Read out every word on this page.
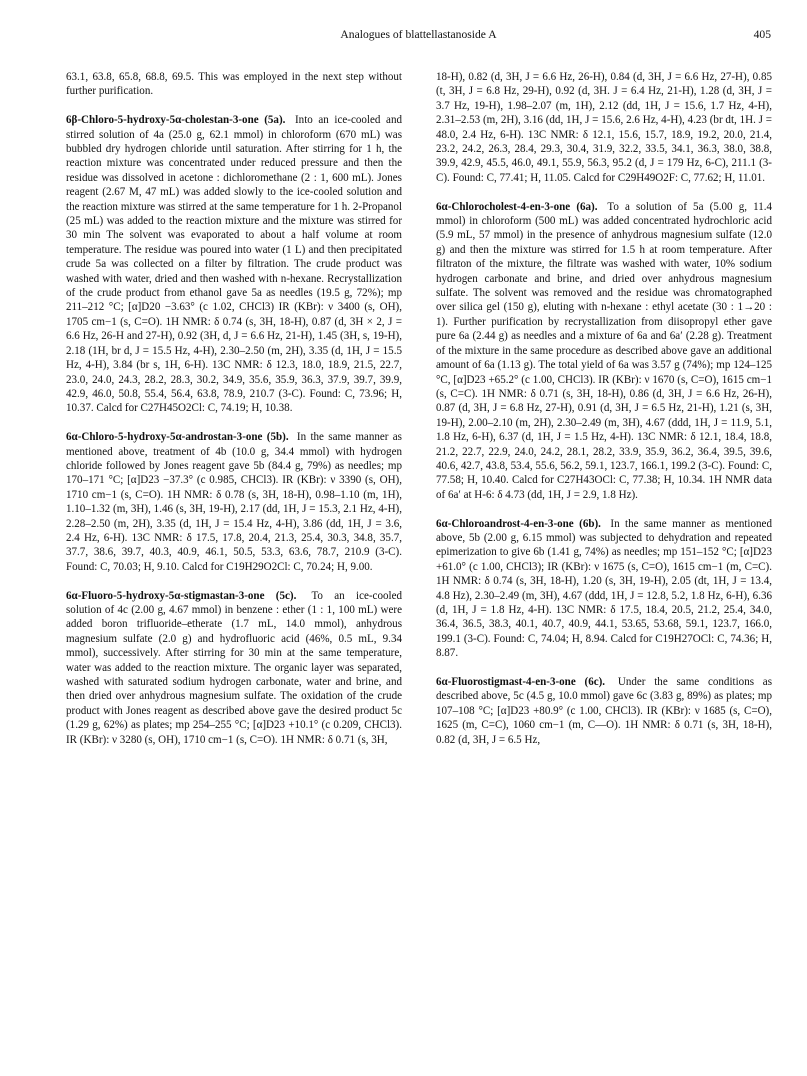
Analogues of blattellastanoside A	405

63.1, 63.8, 65.8, 68.8, 69.5. This was employed in the next step without further purification.

6β-Chloro-5-hydroxy-5α-cholestan-3-one (5a). Into an ice-cooled and stirred solution of 4a (25.0 g, 62.1 mmol) in chloroform (670 mL) was bubbled dry hydrogen chloride until saturation. After stirring for 1 h, the reaction mixture was concentrated under reduced pressure and then the residue was dissolved in acetone : dichloromethane (2 : 1, 600 mL). Jones reagent (2.67 M, 47 mL) was added slowly to the ice-cooled solution and the reaction mixture was stirred at the same temperature for 1 h. 2-Propanol (25 mL) was added to the reaction mixture and the mixture was stirred for 30 min The solvent was evaporated to about a half volume at room temperature. The residue was poured into water (1 L) and then precipitated crude 5a was collected on a filter by filtration. The crude product was washed with water, dried and then washed with n-hexane. Recrystallization of the crude product from ethanol gave 5a as needles (19.5 g, 72%); mp 211–212 °C; [α]D20 −3.63° (c 1.02, CHCl3) IR (KBr): ν 3400 (s, OH), 1705 cm−1 (s, C=O). 1H NMR: δ 0.74 (s, 3H, 18-H), 0.87 (d, 3H × 2, J = 6.6 Hz, 26-H and 27-H), 0.92 (3H, d, J = 6.6 Hz, 21-H), 1.45 (3H, s, 19-H), 2.18 (1H, br d, J = 15.5 Hz, 4-H), 2.30–2.50 (m, 2H), 3.35 (d, 1H, J = 15.5 Hz, 4-H), 3.84 (br s, 1H, 6-H). 13C NMR: δ 12.3, 18.0, 18.9, 21.5, 22.7, 23.0, 24.0, 24.3, 28.2, 28.3, 30.2, 34.9, 35.6, 35.9, 36.3, 37.9, 39.7, 39.9, 42.9, 46.0, 50.8, 55.4, 56.4, 63.8, 78.9, 210.7 (3-C). Found: C, 73.96; H, 10.37. Calcd for C27H45O2Cl: C, 74.19; H, 10.38.

6α-Chloro-5-hydroxy-5α-androstan-3-one (5b). In the same manner as mentioned above, treatment of 4b (10.0 g, 34.4 mmol) with hydrogen chloride followed by Jones reagent gave 5b (84.4 g, 79%) as needles; mp 170–171 °C; [α]D23 −37.3° (c 0.985, CHCl3). IR (KBr): ν 3390 (s, OH), 1710 cm−1 (s, C=O). 1H NMR: δ 0.78 (s, 3H, 18-H), 0.98–1.10 (m, 1H), 1.10–1.32 (m, 3H), 1.46 (s, 3H, 19-H), 2.17 (dd, 1H, J = 15.3, 2.1 Hz, 4-H), 2.28–2.50 (m, 2H), 3.35 (d, 1H, J = 15.4 Hz, 4-H), 3.86 (dd, 1H, J = 3.6, 2.4 Hz, 6-H). 13C NMR: δ 17.5, 17.8, 20.4, 21.3, 25.4, 30.3, 34.8, 35.7, 37.7, 38.6, 39.7, 40.3, 40.9, 46.1, 50.5, 53.3, 63.6, 78.7, 210.9 (3-C). Found: C, 70.03; H, 9.10. Calcd for C19H29O2Cl: C, 70.24; H, 9.00.

6α-Fluoro-5-hydroxy-5α-stigmastan-3-one (5c). To an ice-cooled solution of 4c (2.00 g, 4.67 mmol) in benzene : ether (1 : 1, 100 mL) were added boron trifluoride–etherate (1.7 mL, 14.0 mmol), anhydrous magnesium sulfate (2.0 g) and hydrofluoric acid (46%, 0.5 mL, 9.34 mmol), successively. After stirring for 30 min at the same temperature, water was added to the reaction mixture. The organic layer was separated, washed with saturated sodium hydrogen carbonate, water and brine, and then dried over anhydrous magnesium sulfate. The oxidation of the crude product with Jones reagent as described above gave the desired product 5c (1.29 g, 62%) as plates; mp 254–255 °C; [α]D23 +10.1° (c 0.209, CHCl3). IR (KBr): ν 3280 (s, OH), 1710 cm−1 (s, C=O). 1H NMR: δ 0.71 (s, 3H,

18-H), 0.82 (d, 3H, J = 6.6 Hz, 26-H), 0.84 (d, 3H, J = 6.6 Hz, 27-H), 0.85 (t, 3H, J = 6.8 Hz, 29-H), 0.92 (d, 3H. J = 6.4 Hz, 21-H), 1.28 (d, 3H, J = 3.7 Hz, 19-H), 1.98–2.07 (m, 1H), 2.12 (dd, 1H, J = 15.6, 1.7 Hz, 4-H), 2.31–2.53 (m, 2H), 3.16 (dd, 1H, J = 15.6, 2.6 Hz, 4-H), 4.23 (br dt, 1H. J = 48.0, 2.4 Hz, 6-H). 13C NMR: δ 12.1, 15.6, 15.7, 18.9, 19.2, 20.0, 21.4, 23.2, 24.2, 26.3, 28.4, 29.3, 30.4, 31.9, 32.2, 33.5, 34.1, 36.3, 38.0, 38.8, 39.9, 42.9, 45.5, 46.0, 49.1, 55.9, 56.3, 95.2 (d, J = 179 Hz, 6-C), 211.1 (3-C). Found: C, 77.41; H, 11.05. Calcd for C29H49O2F: C, 77.62; H, 11.01.

6α-Chlorocholest-4-en-3-one (6a). To a solution of 5a (5.00 g, 11.4 mmol) in chloroform (500 mL) was added concentrated hydrochloric acid (5.9 mL, 57 mmol) in the presence of anhydrous magnesium sulfate (12.0 g) and then the mixture was stirred for 1.5 h at room temperature. After filtraton of the mixture, the filtrate was washed with water, 10% sodium hydrogen carbonate and brine, and dried over anhydrous magnesium sulfate. The solvent was removed and the residue was chromatographed over silica gel (150 g), eluting with n-hexane : ethyl acetate (30 : 1→20 : 1). Further purification by recrystallization from diisopropyl ether gave pure 6a (2.44 g) as needles and a mixture of 6a and 6a′ (2.28 g). Treatment of the mixture in the same procedure as described above gave an additional amount of 6a (1.13 g). The total yield of 6a was 3.57 g (74%); mp 124–125 °C, [α]D23 +65.2° (c 1.00, CHCl3). IR (KBr): ν 1670 (s, C=O), 1615 cm−1 (s, C=C). 1H NMR: δ 0.71 (s, 3H, 18-H), 0.86 (d, 3H, J = 6.6 Hz, 26-H), 0.87 (d, 3H, J = 6.8 Hz, 27-H), 0.91 (d, 3H, J = 6.5 Hz, 21-H), 1.21 (s, 3H, 19-H), 2.00–2.10 (m, 2H), 2.30–2.49 (m, 3H), 4.67 (ddd, 1H, J = 11.9, 5.1, 1.8 Hz, 6-H), 6.37 (d, 1H, J = 1.5 Hz, 4-H). 13C NMR: δ 12.1, 18.4, 18.8, 21.2, 22.7, 22.9, 24.0, 24.2, 28.1, 28.2, 33.9, 35.9, 36.2, 36.4, 39.5, 39.6, 40.6, 42.7, 43.8, 53.4, 55.6, 56.2, 59.1, 123.7, 166.1, 199.2 (3-C). Found: C, 77.58; H, 10.40. Calcd for C27H43OCl: C, 77.38; H, 10.34. 1H NMR data of 6a′ at H-6: δ 4.73 (dd, 1H, J = 2.9, 1.8 Hz).

6α-Chloroandrost-4-en-3-one (6b). In the same manner as mentioned above, 5b (2.00 g, 6.15 mmol) was subjected to dehydration and repeated epimerization to give 6b (1.41 g, 74%) as needles; mp 151–152 °C; [α]D23 +61.0° (c 1.00, CHCl3); IR (KBr): ν 1675 (s, C=O), 1615 cm−1 (m, C=C). 1H NMR: δ 0.74 (s, 3H, 18-H), 1.20 (s, 3H, 19-H), 2.05 (dt, 1H, J = 13.4, 4.8 Hz), 2.30–2.49 (m, 3H), 4.67 (ddd, 1H, J = 12.8, 5.2, 1.8 Hz, 6-H), 6.36 (d, 1H, J = 1.8 Hz, 4-H). 13C NMR: δ 17.5, 18.4, 20.5, 21.2, 25.4, 34.0, 36.4, 36.5, 38.3, 40.1, 40.7, 40.9, 44.1, 53.65, 53.68, 59.1, 123.7, 166.0, 199.1 (3-C). Found: C, 74.04; H, 8.94. Calcd for C19H27OCl: C, 74.36; H, 8.87.

6α-Fluorostigmast-4-en-3-one (6c). Under the same conditions as described above, 5c (4.5 g, 10.0 mmol) gave 6c (3.83 g, 89%) as plates; mp 107–108 °C; [α]D23 +80.9° (c 1.00, CHCl3). IR (KBr): ν 1685 (s, C=O), 1625 (m, C=C), 1060 cm−1 (m, C—O). 1H NMR: δ 0.71 (s, 3H, 18-H), 0.82 (d, 3H, J = 6.5 Hz,
